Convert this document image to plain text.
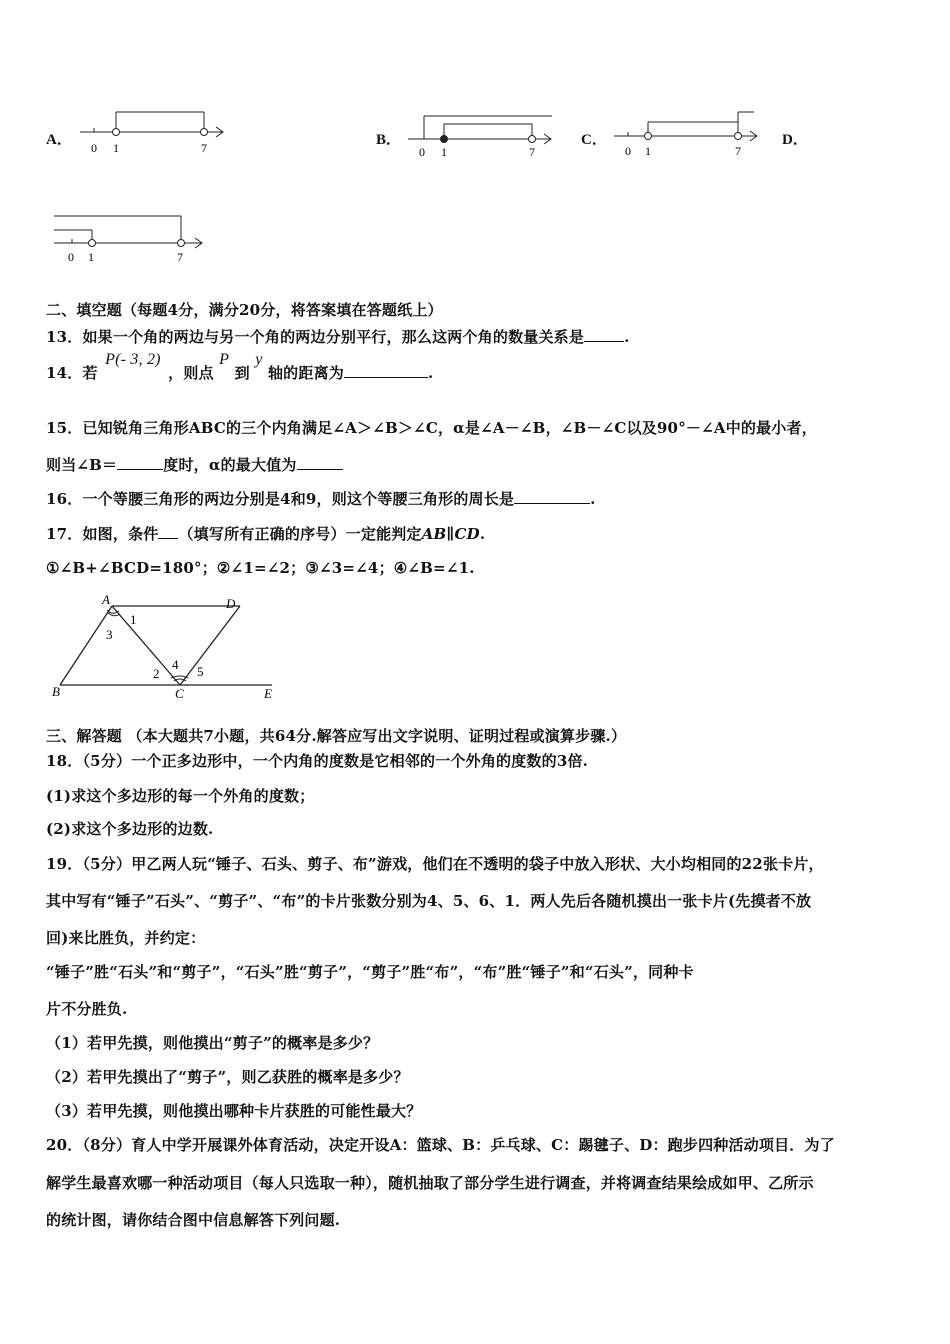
A．	B．	C．	D．
0 1	7	0 1	7	0 1	7
0 1	7
二、填空题（每题4分，满分20分，将答案填在答题纸上）
13．如果一个角的两边与另一个角的两边分别平行，那么这两个角的数量关系是	.
14．若 P(- 3, 2) ，则点 P 到 y 轴的距离为	.
15．已知锐角三角形ABC的三个内角满足∠A＞∠B＞∠C，α是∠A－∠B，∠B－∠C以及90°－∠A中的最小者，
则当∠B＝	度时，α的最大值为
16．一个等腰三角形的两边分别是4和9，则这个等腰三角形的周长是	.
17．如图，条件 （填写所有正确的序号）一定能判定AB∥CD.
①∠B+∠BCD=180°；②∠1=∠2；③∠3=∠4；④∠B=∠1.
A	D
B	C	E
1
3
2
4 5
三、解答题 （本大题共7小题，共64分.解答应写出文字说明、证明过程或演算步骤.）
18．（5分）一个正多边形中，一个内角的度数是它相邻的一个外角的度数的3倍.
(1)求这个多边形的每一个外角的度数；
(2)求这个多边形的边数.
19．（5分）甲乙两人玩“锤子、石头、剪子、布”游戏，他们在不透明的袋子中放入形状、大小均相同的22张卡片，
其中写有“锤子”石头”、“剪子”、“布”的卡片张数分别为4、5、6、1．两人先后各随机摸出一张卡片(先摸者不放
回)来比胜负，并约定：
“锤子”胜“石头”和“剪子”，“石头”胜“剪子”，“剪子”胜“布”，“布”胜“锤子”和“石头”，同种卡
片不分胜负.
（1）若甲先摸，则他摸出“剪子”的概率是多少？
（2）若甲先摸出了“剪子”，则乙获胜的概率是多少？
（3）若甲先摸，则他摸出哪种卡片获胜的可能性最大？
20．（8分）育人中学开展课外体育活动，决定开设A：篮球、B：乒乓球、C：踢毽子、D：跑步四种活动项目．为了
解学生最喜欢哪一种活动项目（每人只选取一种），随机抽取了部分学生进行调查，并将调查结果绘成如甲、乙所示
的统计图，请你结合图中信息解答下列问题.
